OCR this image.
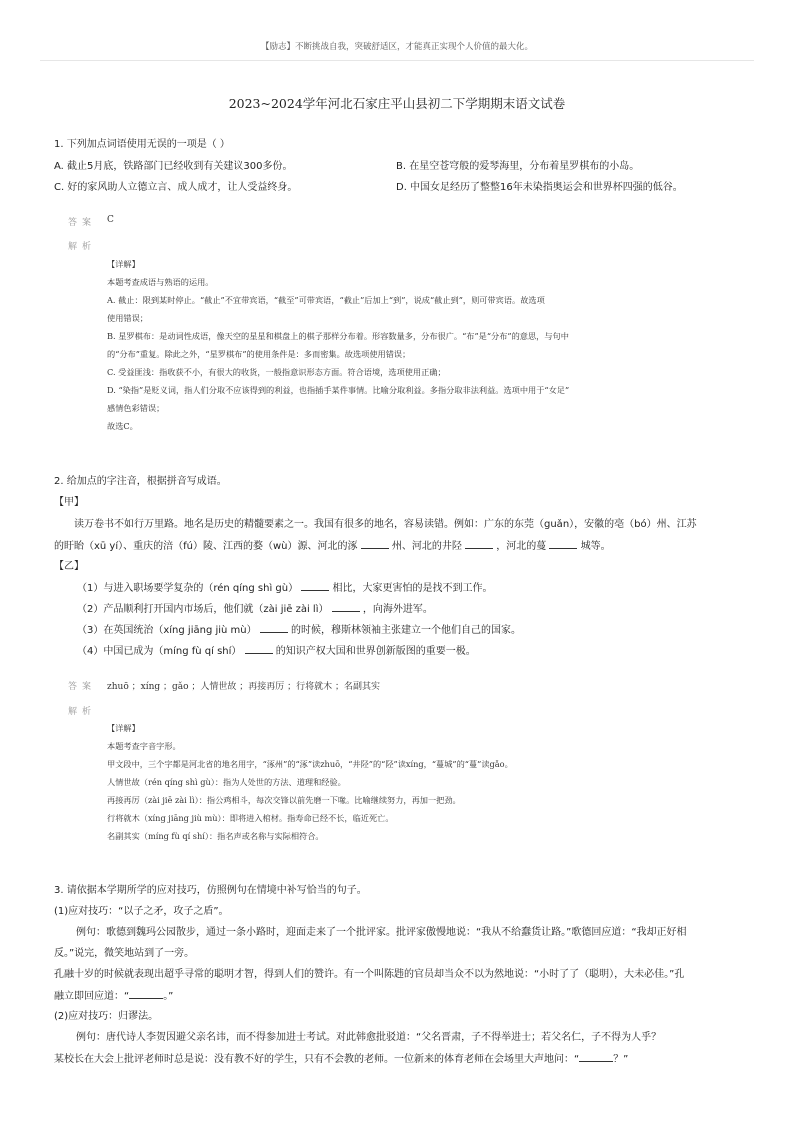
【励志】不断挑战自我，突破舒适区，才能真正实现个人价值的最大化。
2023~2024学年河北石家庄平山县初二下学期期末语文试卷
1. 下列加点词语使用无误的一项是（ ）
A. 截止5月底，铁路部门已经收到有关建议300多份。	B. 在星空苍穹般的爱琴海里，分布着星罗棋布的小岛。
C. 好的家风助人立德立言、成人成才，让人受益终身。	D. 中国女足经历了整整16年未染指奥运会和世界杯四强的低谷。
答案 C
解析
【详解】
本题考查成语与熟语的运用。
A. 截止：限到某时停止。“截止”不宜带宾语，“截至”可带宾语，“截止”后加上“到”，说成“截止到”，则可带宾语。故选项
使用错误；
B. 星罗棋布：是动词性成语，像天空的星星和棋盘上的棋子那样分布着。形容数量多，分布很广。“布”是“分布”的意思，与句中
的“分布”重复。除此之外，“星罗棋布”的使用条件是：多而密集。故选项使用错误；
C. 受益匪浅：指收获不小，有很大的收货，一般指意识形态方面。符合语境，选项使用正确；
D. “染指”是贬义词，指人们分取不应该得到的利益，也指插手某件事情。比喻分取利益。多指分取非法利益。选项中用于“女足”
感情色彩错误；
故选C。
2. 给加点的字注音，根据拼音写成语。
【甲】
读万卷书不如行万里路。地名是历史的精髓要素之一。我国有很多的地名，容易读错。例如：广东的东莞（guǎn），安徽的亳（bó）州、江苏
的盱眙（xū yí）、重庆的涪（fú）陵、江西的婺（wù）源、河北的涿	州、河北的井陉	，河北的蔓	城等。
【乙】
（1）与进入职场要学复杂的（rén qíng shì gù）	相比，大家更害怕的是找不到工作。
（2）产品顺利打开国内市场后，他们就（zài jiē zài lì）	，向海外进军。
（3）在英国统治（xíng jiāng jiù mù）	的时候，穆斯林领袖主张建立一个他们自己的国家。
（4）中国已成为（míng fù qí shí）	的知识产权大国和世界创新版图的重要一极。
答案 zhuō ；xíng ；gǎo ；人情世故 ；再接再厉 ；行将就木 ；名副其实
解析
【详解】
本题考查字音字形。
甲文段中，三个字都是河北省的地名用字，“涿州”的“涿”读zhuō，“井陉”的“陉”读xíng，“蔓城”的“蔓”读gǎo。
人情世故（rén qíng shì gù）：指为人处世的方法、道理和经验。
再接再厉（zài jiē zài lì）：指公鸡相斗，每次交锋以前先磨一下喙。比喻继续努力，再加一把劲。
行将就木（xíng jiāng jiù mù）：即将进入棺材。指寿命已经不长，临近死亡。
名副其实（míng fù qí shí）：指名声或名称与实际相符合。
3. 请依据本学期所学的应对技巧，仿照例句在情境中补写恰当的句子。
(1)应对技巧：“以子之矛，攻子之盾”。
例句：歌德到魏玛公园散步，通过一条小路时，迎面走来了一个批评家。批评家傲慢地说：“我从不给蠢货让路。”歌德回应道：“我却正好相
反。”说完，微笑地站到了一旁。
孔融十岁的时候就表现出超乎寻常的聪明才智，得到人们的赞许。有一个叫陈韪的官员却当众不以为然地说：“小时了了（聪明），大未必佳。”孔
融立即回应道：“	。”
(2)应对技巧：归谬法。
例句：唐代诗人李贺因避父亲名讳，而不得参加进士考试。对此韩愈批驳道：“父名晋肃，子不得举进士；若父名仁，子不得为人乎？
某校长在大会上批评老师时总是说：没有教不好的学生，只有不会教的老师。一位新来的体育老师在会场里大声地问：“	？”
